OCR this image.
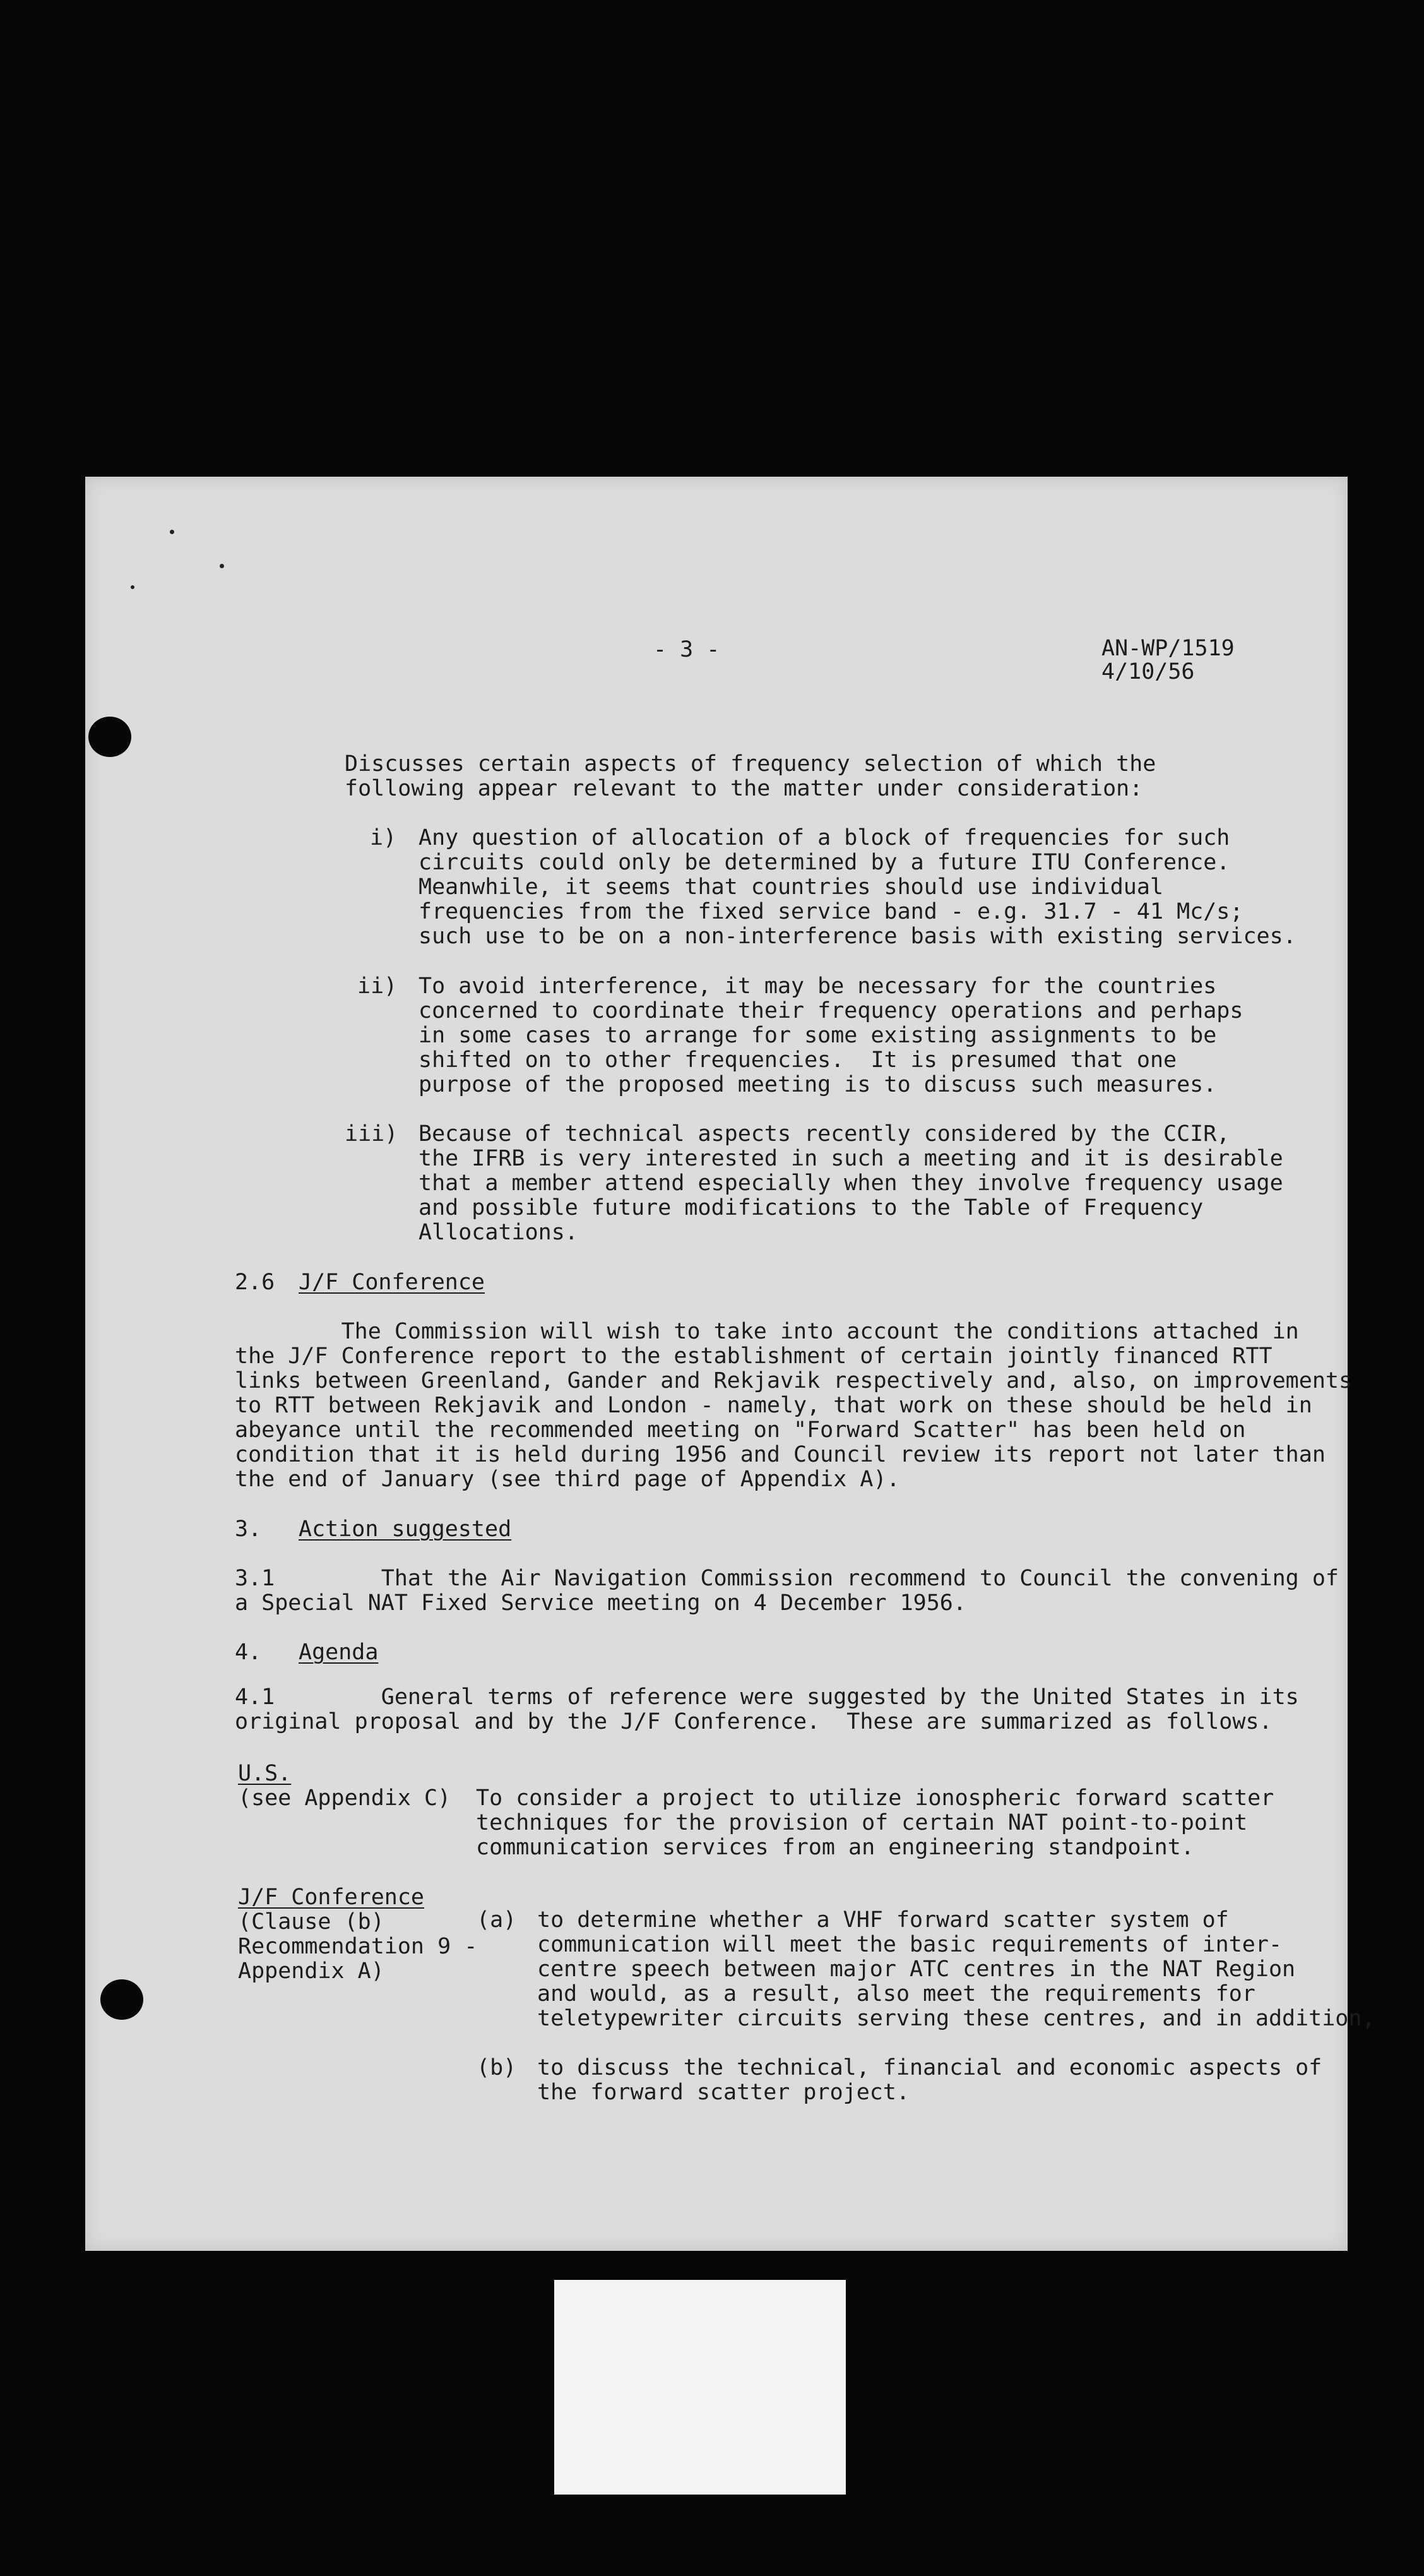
- 3 -	AN-WP/1519
4/10/56
Discusses certain aspects of frequency selection of which the
following appear relevant to the matter under consideration:
i) Any question of allocation of a block of frequencies for such
circuits could only be determined by a future ITU Conference.
Meanwhile, it seems that countries should use individual
frequencies from the fixed service band - e.g. 31.7 - 41 Mc/s;
such use to be on a non-interference basis with existing services.
ii) To avoid interference, it may be necessary for the countries
concerned to coordinate their frequency operations and perhaps
in some cases to arrange for some existing assignments to be
shifted on to other frequencies.  It is presumed that one
purpose of the proposed meeting is to discuss such measures.
iii) Because of technical aspects recently considered by the CCIR,
the IFRB is very interested in such a meeting and it is desirable
that a member attend especially when they involve frequency usage
and possible future modifications to the Table of Frequency
Allocations.
2.6 J/F Conference
The Commission will wish to take into account the conditions attached in
the J/F Conference report to the establishment of certain jointly financed RTT
links between Greenland, Gander and Rekjavik respectively and, also, on improvements
to RTT between Rekjavik and London - namely, that work on these should be held in
abeyance until the recommended meeting on "Forward Scatter" has been held on
condition that it is held during 1956 and Council review its report not later than
the end of January (see third page of Appendix A).
3. Action suggested
3.1        That the Air Navigation Commission recommend to Council the convening of
a Special NAT Fixed Service meeting on 4 December 1956.
4. Agenda
4.1        General terms of reference were suggested by the United States in its
original proposal and by the J/F Conference.  These are summarized as follows.
U.S.
(see Appendix C) To consider a project to utilize ionospheric forward scatter
techniques for the provision of certain NAT point-to-point
communication services from an engineering standpoint.
J/F Conference
(Clause (b)
Recommendation 9 -
Appendix A)
(a) to determine whether a VHF forward scatter system of
communication will meet the basic requirements of inter-
centre speech between major ATC centres in the NAT Region
and would, as a result, also meet the requirements for
teletypewriter circuits serving these centres, and in addition,
(b) to discuss the technical, financial and economic aspects of
the forward scatter project.
